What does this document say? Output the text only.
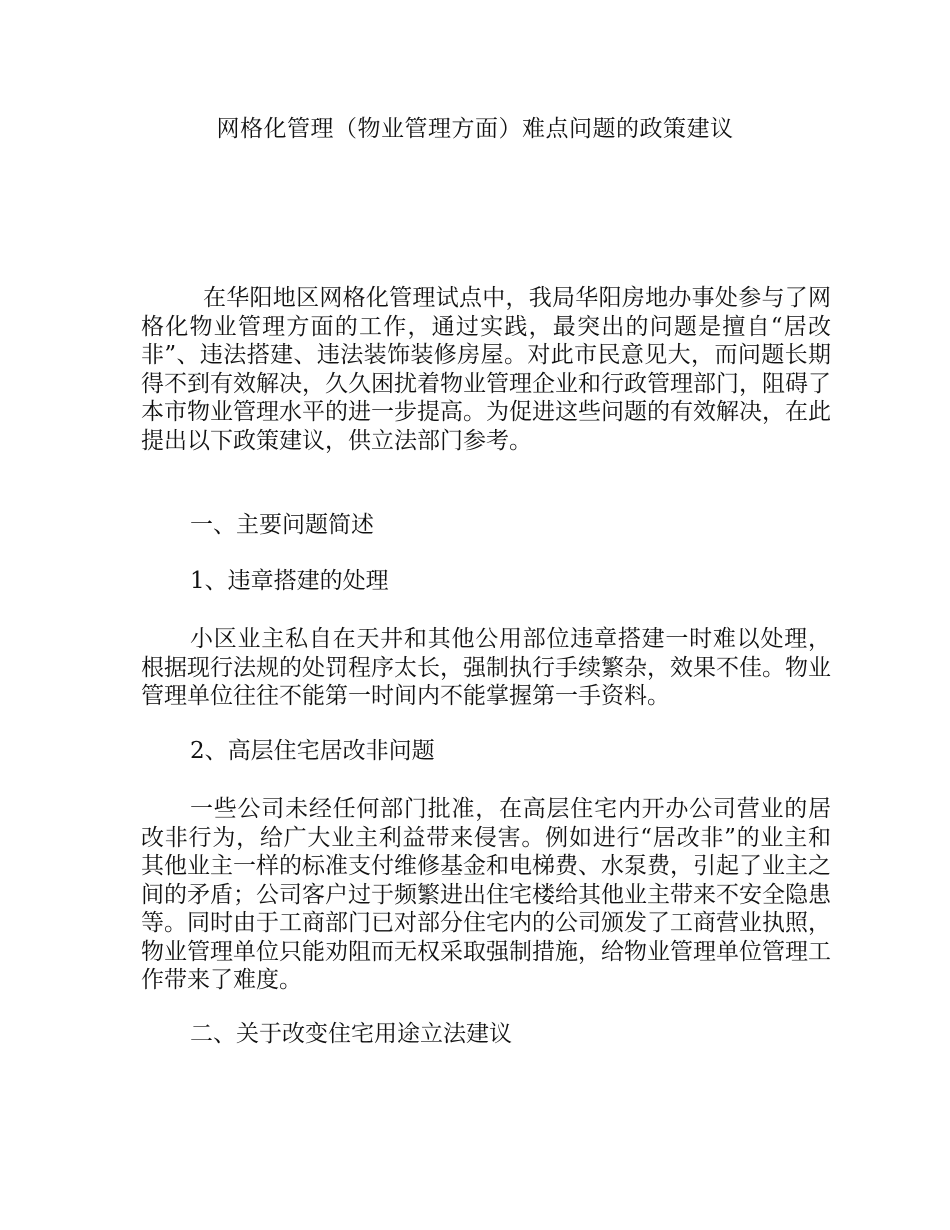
网格化管理（物业管理方面）难点问题的政策建议

在华阳地区网格化管理试点中，我局华阳房地办事处参与了网格化物业管理方面的工作，通过实践，最突出的问题是擅自“居改非”、违法搭建、违法装饰装修房屋。对此市民意见大，而问题长期得不到有效解决，久久困扰着物业管理企业和行政管理部门，阻碍了本市物业管理水平的进一步提高。为促进这些问题的有效解决，在此提出以下政策建议，供立法部门参考。

一、主要问题简述
1、违章搭建的处理

小区业主私自在天井和其他公用部位违章搭建一时难以处理，根据现行法规的处罚程序太长，强制执行手续繁杂，效果不佳。物业管理单位往往不能第一时间内不能掌握第一手资料。

2、高层住宅居改非问题

一些公司未经任何部门批准，在高层住宅内开办公司营业的居改非行为，给广大业主利益带来侵害。例如进行“居改非”的业主和其他业主一样的标准支付维修基金和电梯费、水泵费，引起了业主之间的矛盾；公司客户过于频繁进出住宅楼给其他业主带来不安全隐患等。同时由于工商部门已对部分住宅内的公司颁发了工商营业执照，物业管理单位只能劝阻而无权采取强制措施，给物业管理单位管理工作带来了难度。

二、关于改变住宅用途立法建议
